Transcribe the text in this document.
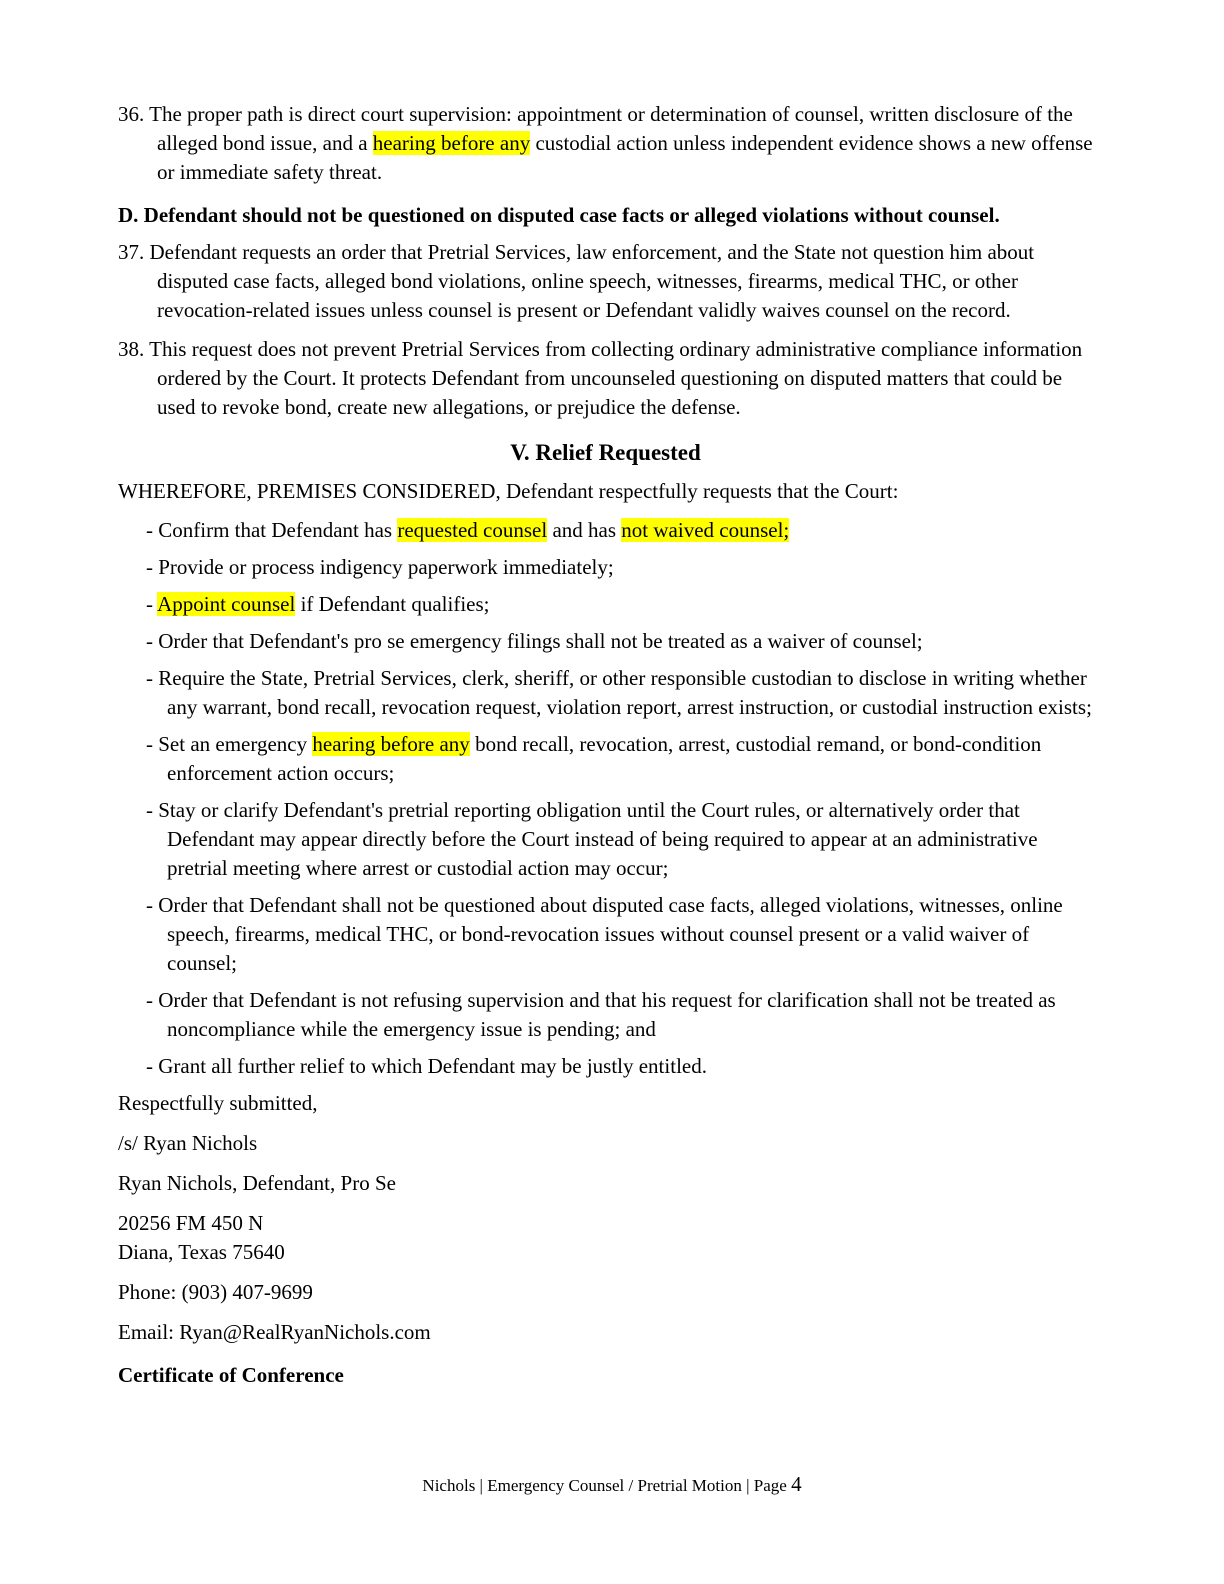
36. The proper path is direct court supervision: appointment or determination of counsel, written disclosure of the alleged bond issue, and a hearing before any custodial action unless independent evidence shows a new offense or immediate safety threat.

D. Defendant should not be questioned on disputed case facts or alleged violations without counsel.

37. Defendant requests an order that Pretrial Services, law enforcement, and the State not question him about disputed case facts, alleged bond violations, online speech, witnesses, firearms, medical THC, or other revocation-related issues unless counsel is present or Defendant validly waives counsel on the record.

38. This request does not prevent Pretrial Services from collecting ordinary administrative compliance information ordered by the Court. It protects Defendant from uncounseled questioning on disputed matters that could be used to revoke bond, create new allegations, or prejudice the defense.

V. Relief Requested

WHEREFORE, PREMISES CONSIDERED, Defendant respectfully requests that the Court:

- Confirm that Defendant has requested counsel and has not waived counsel;
- Provide or process indigency paperwork immediately;
- Appoint counsel if Defendant qualifies;
- Order that Defendant's pro se emergency filings shall not be treated as a waiver of counsel;
- Require the State, Pretrial Services, clerk, sheriff, or other responsible custodian to disclose in writing whether any warrant, bond recall, revocation request, violation report, arrest instruction, or custodial instruction exists;
- Set an emergency hearing before any bond recall, revocation, arrest, custodial remand, or bond-condition enforcement action occurs;
- Stay or clarify Defendant's pretrial reporting obligation until the Court rules, or alternatively order that Defendant may appear directly before the Court instead of being required to appear at an administrative pretrial meeting where arrest or custodial action may occur;
- Order that Defendant shall not be questioned about disputed case facts, alleged violations, witnesses, online speech, firearms, medical THC, or bond-revocation issues without counsel present or a valid waiver of counsel;
- Order that Defendant is not refusing supervision and that his request for clarification shall not be treated as noncompliance while the emergency issue is pending; and
- Grant all further relief to which Defendant may be justly entitled.

Respectfully submitted,

/s/ Ryan Nichols

Ryan Nichols, Defendant, Pro Se

20256 FM 450 N
Diana, Texas 75640

Phone: (903) 407-9699

Email: Ryan@RealRyanNichols.com

Certificate of Conference

Nichols | Emergency Counsel / Pretrial Motion | Page 4
